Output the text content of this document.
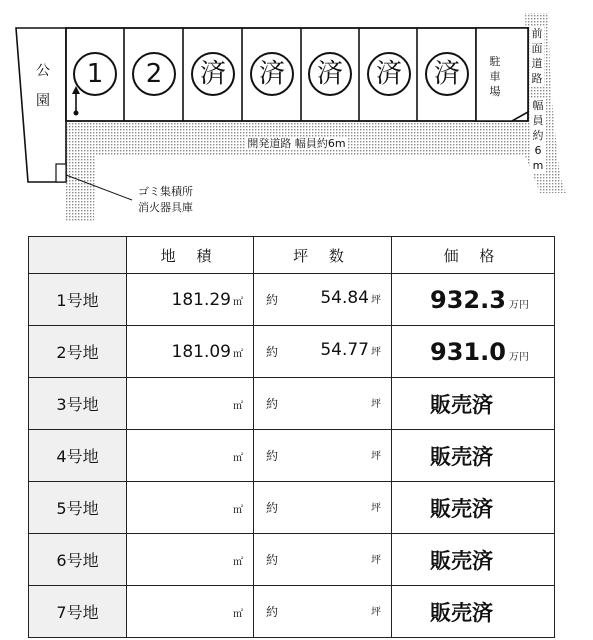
公園
1	2	済	済	済	済	済	駐車場
前面道路
幅員約6m
開発道路 幅員約6m
ゴミ集積所
消火器具庫
	地 積	坪 数	価 格
1号地	181.29 ㎡	約 54.84 坪	932.3 万円
2号地	181.09 ㎡	約 54.77 坪	931.0 万円
3号地	㎡	約 坪	販売済
4号地	㎡	約 坪	販売済
5号地	㎡	約 坪	販売済
6号地	㎡	約 坪	販売済
7号地	㎡	約 坪	販売済
